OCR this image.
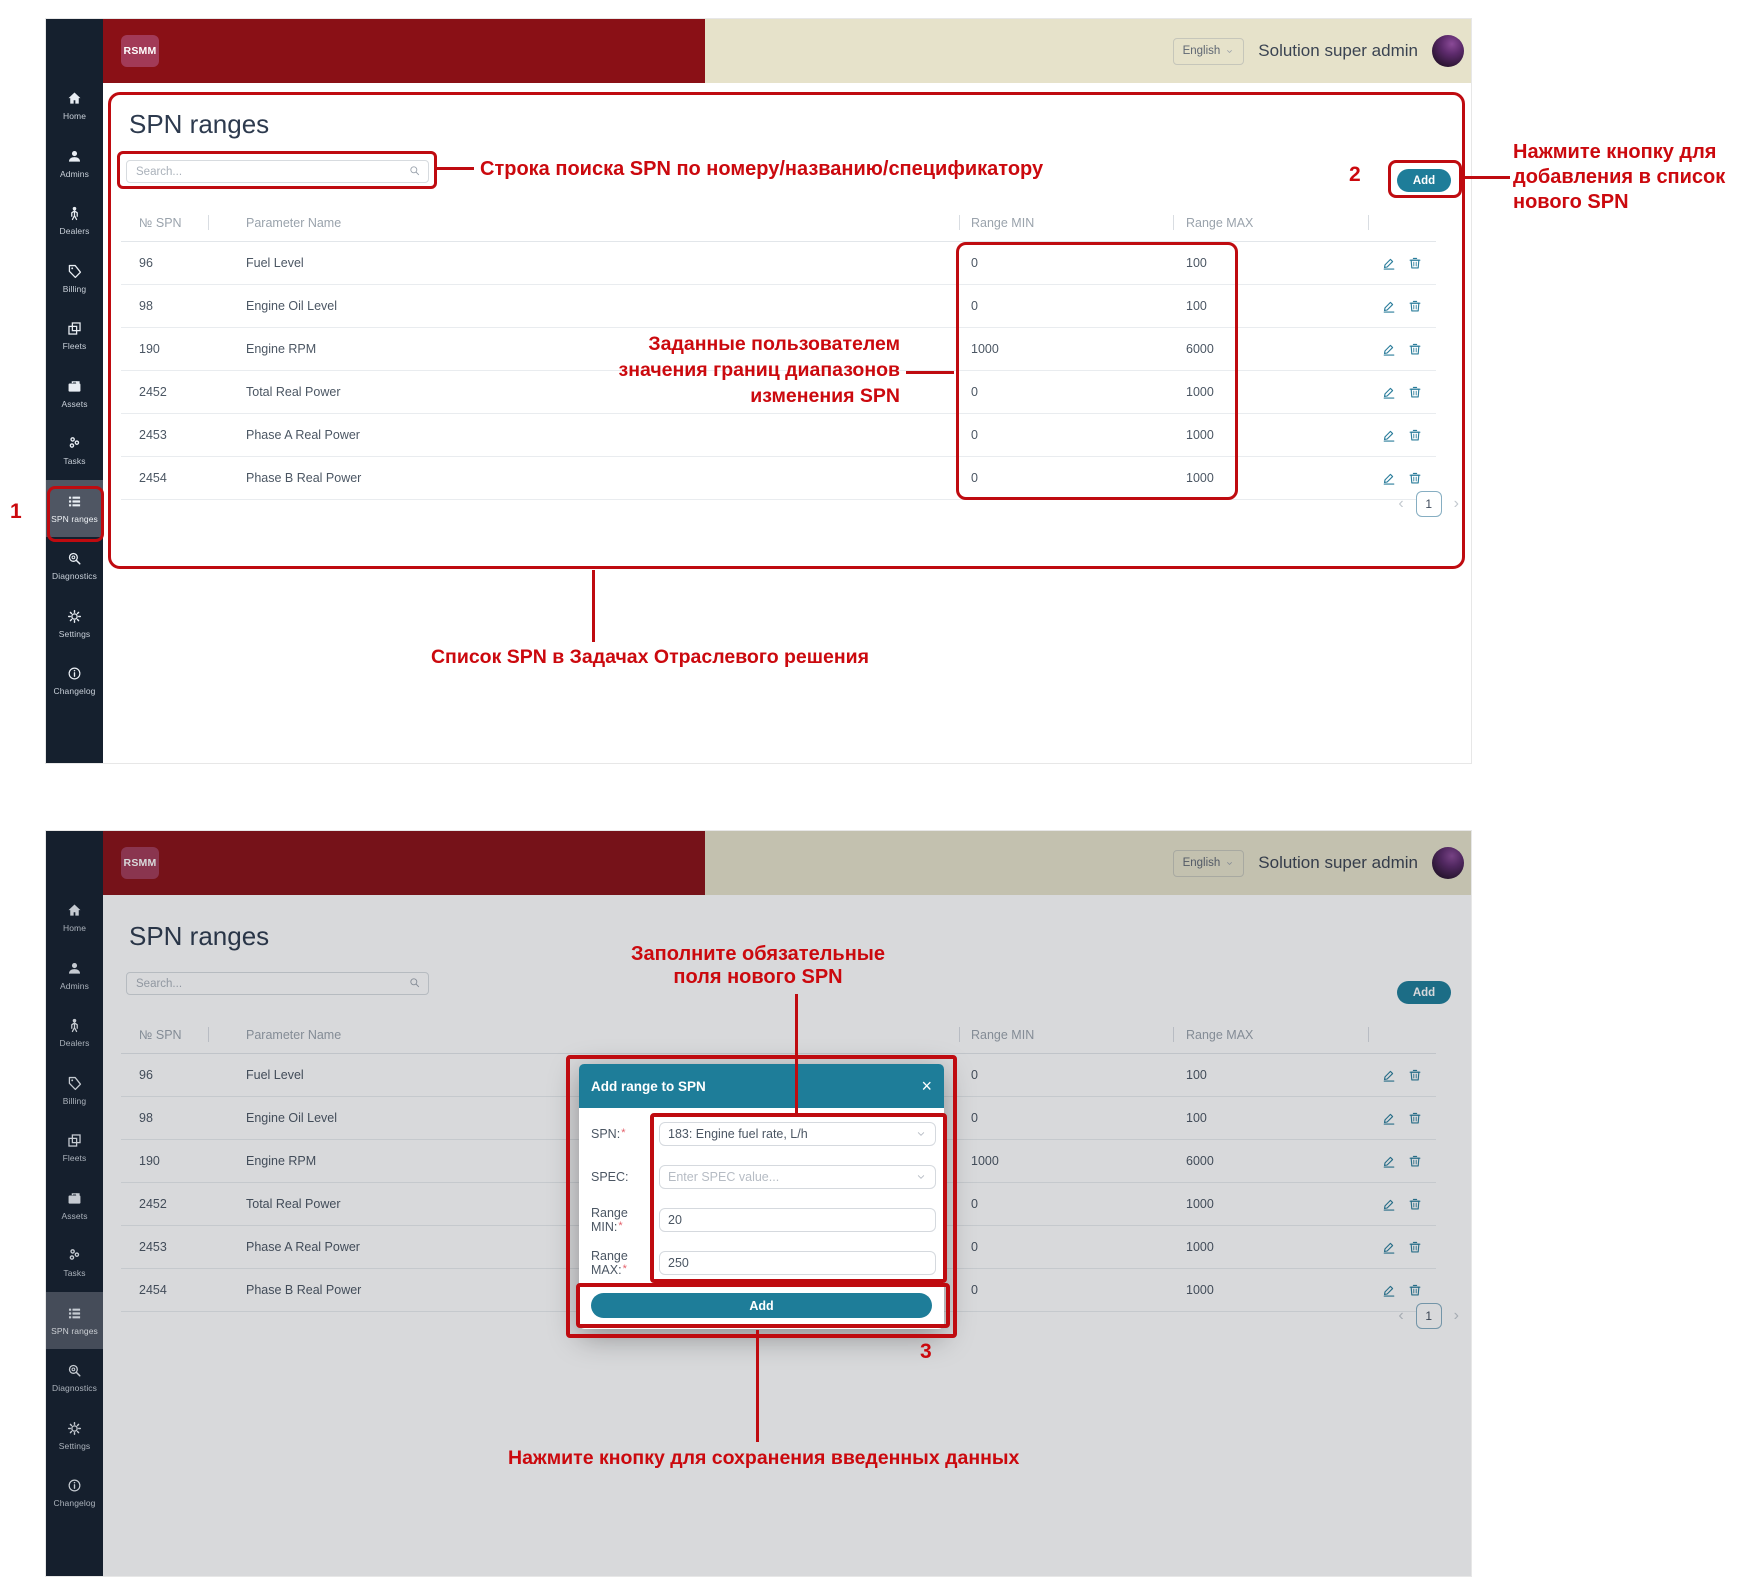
Home
Admins
Dealers
Billing
Fleets
Assets
Tasks
SPN ranges
Diagnostics
Settings
Changelog
RSMM	English Solution super admin
SPN ranges
Search...
Add
№ SPN	Parameter Name	Range MIN	Range MAX
96	Fuel Level	0	100
98	Engine Oil Level	0	100
190	Engine RPM	1000	6000
2452	Total Real Power	0	1000
2453	Phase A Real Power	0	1000
2454	Phase B Real Power	0	1000
‹	1	›
Home
Admins
Dealers
Billing
Fleets
Assets
Tasks
SPN ranges
Diagnostics
Settings
Changelog
RSMM	English Solution super admin
SPN ranges
Search...
Add
№ SPN	Parameter Name	Range MIN	Range MAX
96	Fuel Level	0	100
98	Engine Oil Level	0	100
190	Engine RPM	1000	6000
2452	Total Real Power	0	1000
2453	Phase A Real Power	0	1000
2454	Phase B Real Power	0	1000
‹	1	›
Add range to SPN	×
SPN:*	183: Engine fuel rate, L/h
SPEC:	Enter SPEC value...
Range MIN:*
20
Range MAX:*
250
Add
1
Строка поиска SPN по номеру/названию/спецификатору	2
Нажмите кнопку для добавления в список нового SPN
Заданные пользователем
значения границ диапазонов
изменения SPN
Список SPN в Задачах Отраслевого решения
Заполните обязательные
поля нового SPN
3
Нажмите кнопку для сохранения введенных данных
